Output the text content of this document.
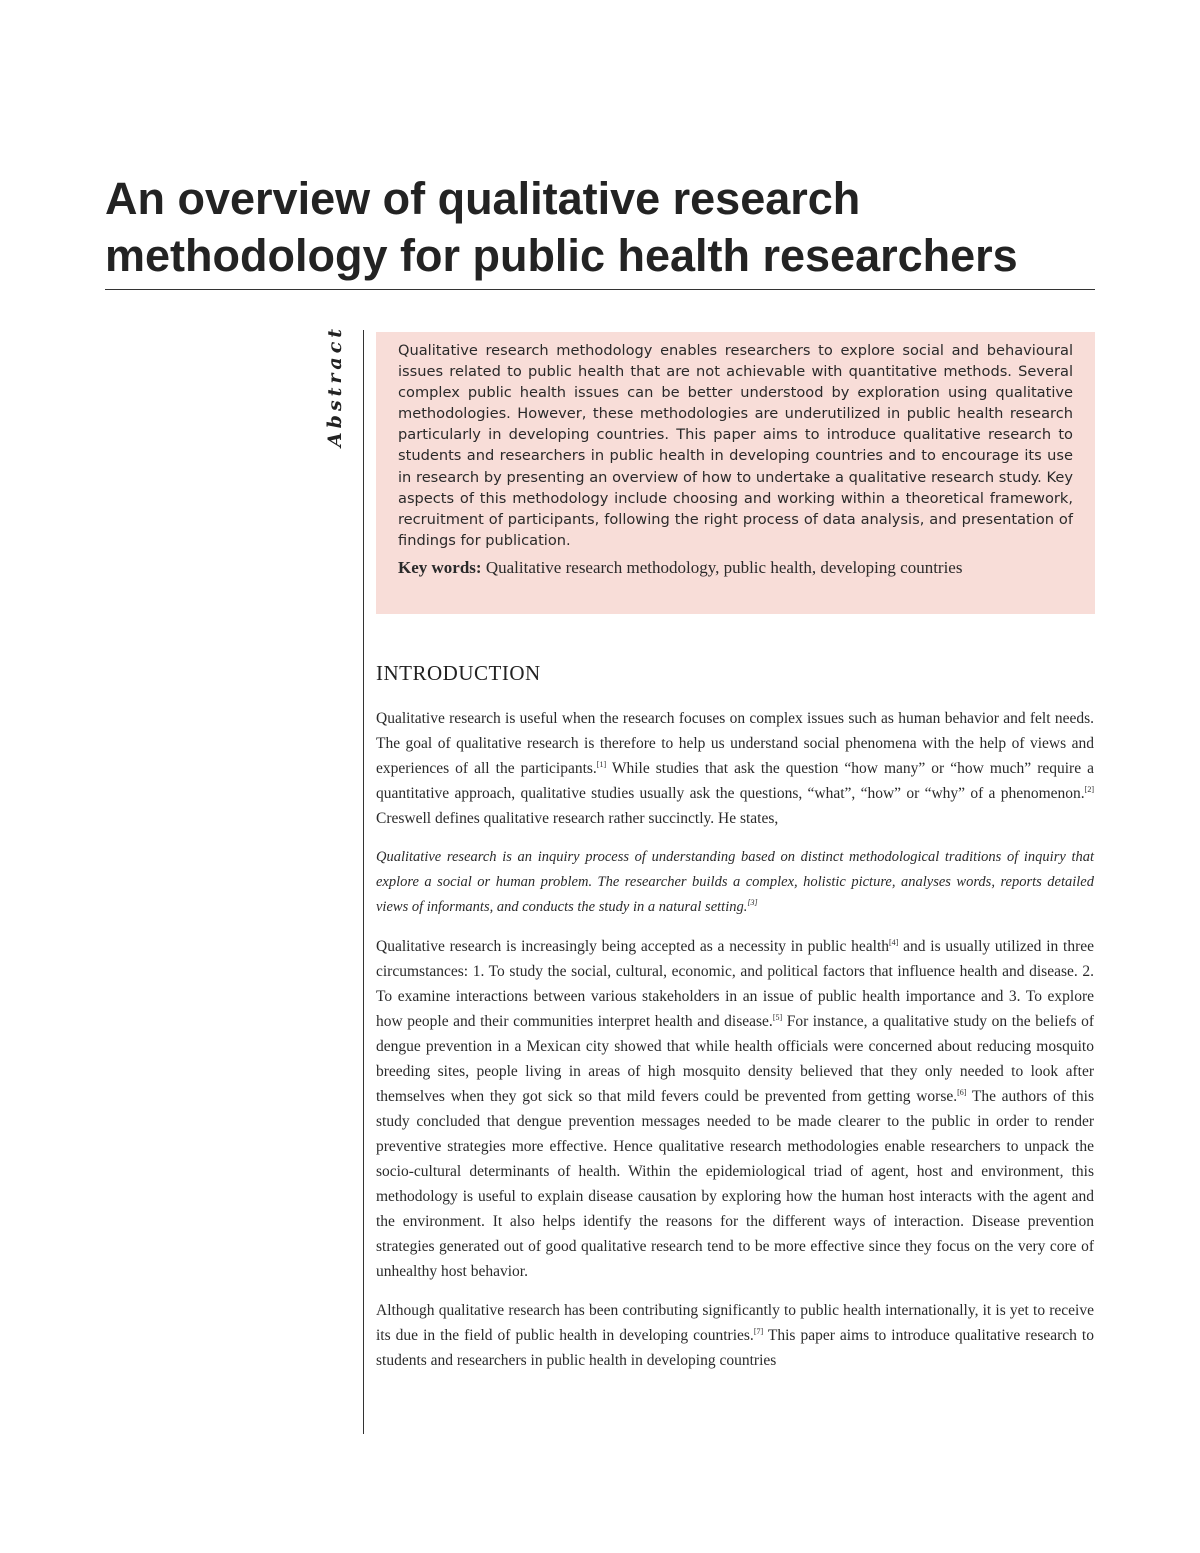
An overview of qualitative research
methodology for public health researchers
Abstract	Qualitative research methodology enables researchers to explore social and behavioural issues related to public health that are not achievable with quantitative methods. Several complex public health issues can be better understood by exploration using qualitative methodologies. However, these methodologies are underutilized in public health research particularly in developing countries. This paper aims to introduce qualitative research to students and researchers in public health in developing countries and to encourage its use in research by presenting an overview of how to undertake a qualitative research study. Key aspects of this methodology include choosing and working within a theoretical framework, recruitment of participants, following the right process of data analysis, and presentation of findings for publication.

Key words: Qualitative research methodology, public health, developing countries

INTRODUCTION

Qualitative research is useful when the research focuses on complex issues such as human behavior and felt needs. The goal of qualitative research is therefore to help us understand social phenomena with the help of views and experiences of all the participants.[1] While studies that ask the question “how many” or “how much” require a quantitative approach, qualitative studies usually ask the questions, “what”, “how” or “why” of a phenomenon.[2] Creswell defines qualitative research rather succinctly. He states,

Qualitative research is an inquiry process of understanding based on distinct methodological traditions of inquiry that explore a social or human problem. The researcher builds a complex, holistic picture, analyses words, reports detailed views of informants, and conducts the study in a natural setting.[3]

Qualitative research is increasingly being accepted as a necessity in public health[4] and is usually utilized in three circumstances: 1. To study the social, cultural, economic, and political factors that influence health and disease. 2. To examine interactions between various stakeholders in an issue of public health importance and 3. To explore how people and their communities interpret health and disease.[5] For instance, a qualitative study on the beliefs of dengue prevention in a Mexican city showed that while health officials were concerned about reducing mosquito breeding sites, people living in areas of high mosquito density believed that they only needed to look after themselves when they got sick so that mild fevers could be prevented from getting worse.[6] The authors of this study concluded that dengue prevention messages needed to be made clearer to the public in order to render preventive strategies more effective. Hence qualitative research methodologies enable researchers to unpack the socio-cultural determinants of health. Within the epidemiological triad of agent, host and environment, this methodology is useful to explain disease causation by exploring how the human host interacts with the agent and the environment. It also helps identify the reasons for the different ways of interaction. Disease prevention strategies generated out of good qualitative research tend to be more effective since they focus on the very core of unhealthy host behavior.

Although qualitative research has been contributing significantly to public health internationally, it is yet to receive its due in the field of public health in developing countries.[7] This paper aims to introduce qualitative research to students and researchers in public health in developing countries
